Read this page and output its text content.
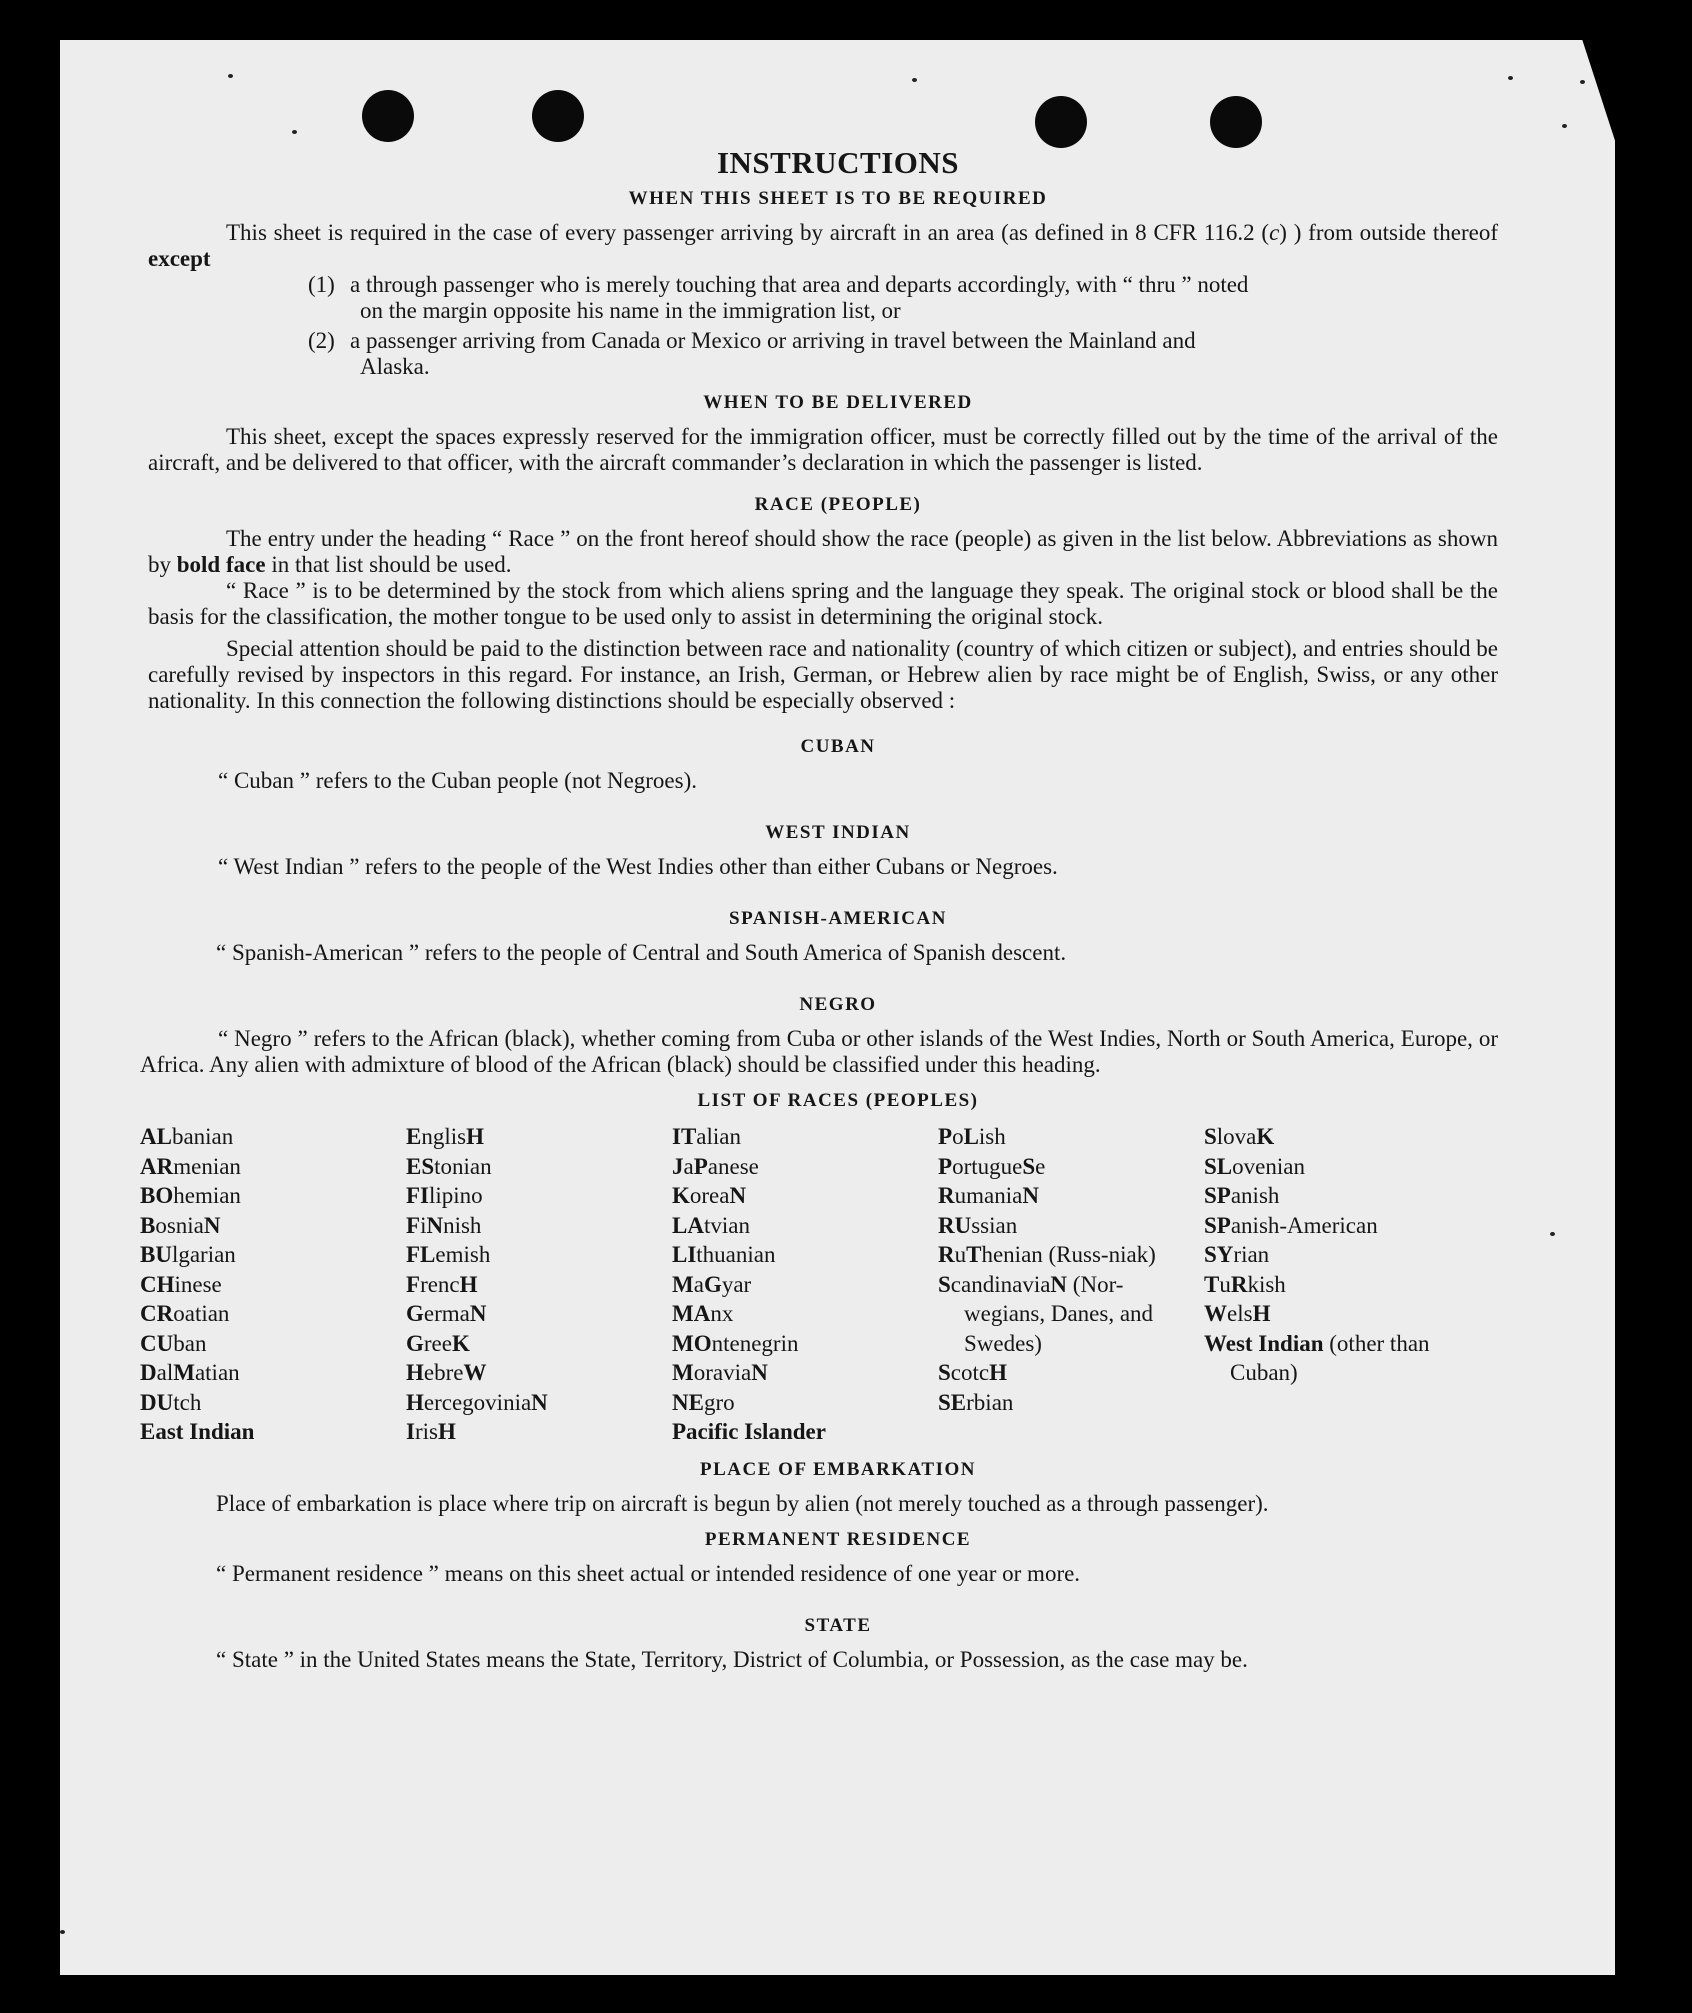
INSTRUCTIONS
WHEN THIS SHEET IS TO BE REQUIRED

This sheet is required in the case of every passenger arriving by aircraft in an area (as defined in 8 CFR 116.2 (c) ) from outside thereof except

(1) a through passenger who is merely touching that area and departs accordingly, with “ thru ” noted
on the margin opposite his name in the immigration list, or
(2) a passenger arriving from Canada or Mexico or arriving in travel between the Mainland and
Alaska.
WHEN TO BE DELIVERED

This sheet, except the spaces expressly reserved for the immigration officer, must be correctly filled out by the time of the arrival of the aircraft, and be delivered to that officer, with the aircraft commander’s declaration in which the passenger is listed.

RACE (PEOPLE)

The entry under the heading “ Race ” on the front hereof should show the race (people) as given in the list below. Abbreviations as shown by bold face in that list should be used.

“ Race ” is to be determined by the stock from which aliens spring and the language they speak. The original stock or blood shall be the basis for the classification, the mother tongue to be used only to assist in determining the original stock.

Special attention should be paid to the distinction between race and nationality (country of which citizen or subject), and entries should be carefully revised by inspectors in this regard. For instance, an Irish, German, or Hebrew alien by race might be of English, Swiss, or any other nationality. In this connection the following distinctions should be especially observed :

CUBAN

“ Cuban ” refers to the Cuban people (not Negroes).

WEST INDIAN

“ West Indian ” refers to the people of the West Indies other than either Cubans or Negroes.

SPANISH-AMERICAN

“ Spanish-American ” refers to the people of Central and South America of Spanish descent.

NEGRO

“ Negro ” refers to the African (black), whether coming from Cuba or other islands of the West Indies, North or South America, Europe, or Africa. Any alien with admixture of blood of the African (black) should be classified under this heading.

LIST OF RACES (PEOPLES)
ALbanian
ARmenian
BOhemian
BosniaN
BUlgarian
CHinese
CRoatian
CUban
DalMatian
DUtch
East Indian
EnglisH
EStonian
FIlipino
FiNnish
FLemish
FrencH
GermaN
GreeK
HebreW
HercegoviniaN
IrisH
ITalian
JaPanese
KoreaN
LAtvian
LIthuanian
MaGyar
MAnx
MOntenegrin
MoraviaN
NEgro
Pacific Islander
PoLish
PortugueSe
RumaniaN
RUssian
RuThenian (Russ-niak)
ScandinaviaN (Nor-wegians, Danes, and Swedes)
ScotcH
SErbian
SlovaK
SLovenian
SPanish
SPanish-American
SYrian
TuRkish
WelsH
West Indian (other than Cuban)
PLACE OF EMBARKATION

Place of embarkation is place where trip on aircraft is begun by alien (not merely touched as a through passenger).

PERMANENT RESIDENCE

“ Permanent residence ” means on this sheet actual or intended residence of one year or more.

STATE

“ State ” in the United States means the State, Territory, District of Columbia, or Possession, as the case may be.
